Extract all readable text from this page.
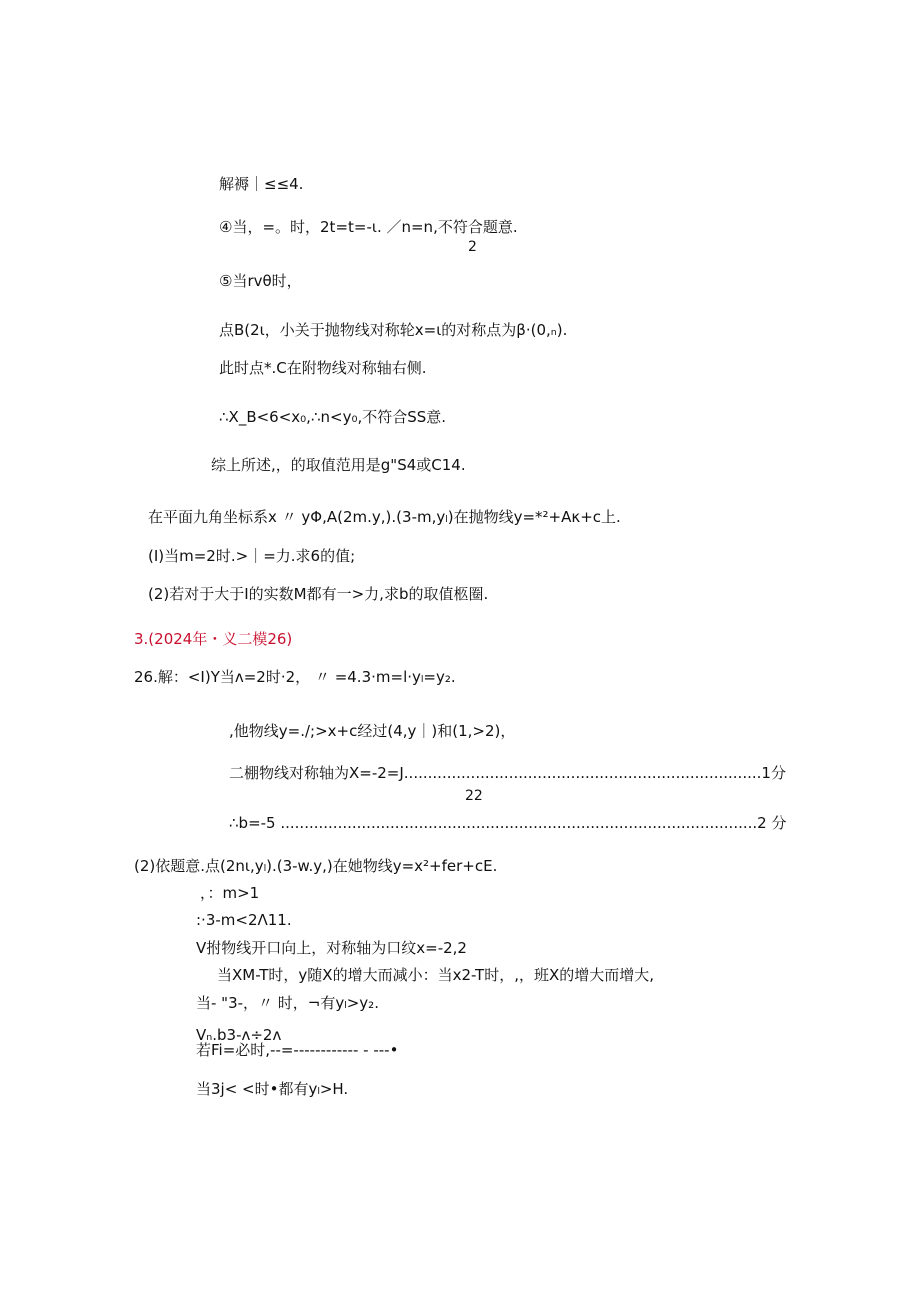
解褥｜≤≤4.
④当，=。时，2t=t=-ι. ／n=n,不符合题意.
2
⑤当rvθ时，
点B(2ι，小关于抛物线对称轮x=ι的对称点为β·(0,ₙ).
此时点*.C在附物线对称轴右侧.
∴X_B<6<x₀,∴n<y₀,不符合SS意.
综上所述,，的取值范用是g"S4或C14.
在平面九角坐标系x 〃 yΦ,A(2m.y,).(3-m,yₗ)在抛物线y=*²+Aκ+c上.
(I)当m=2时.>｜=力.求6的值;
(2)若对于大于I的实数M都有一>力,求b的取值柩圈.
3.(2024年・义二模26)
26.解：<I)Y当ᴧ=2时·2， 〃 =4.3·m=l·yₗ=y₂.
,他物线y=./;>x+c经过(4,y｜)和(1,>2)，
二棚物线对称轴为X=-2=J...........................................................................1分
22
∴b=-5 ....................................................................................................2 分
(2)依题意.点(2nι,yₗ).(3-w.y,)在她物线y=x²+fer+cE.
，：m>1
:·3-m<2Λ11.
V拊物线开口向上，对称轴为口纹x=-2,2
当XM-T时，y随X的增大而减小：当x2-T时，,，班X的增大而增大,
当- "3-，〃 时，¬有yₗ>y₂.
Vₙ.b3-ᴧ÷2ᴧ
若Fi=必时,--=------------ - ---•
当3j< <时•都有yₗ>H.
